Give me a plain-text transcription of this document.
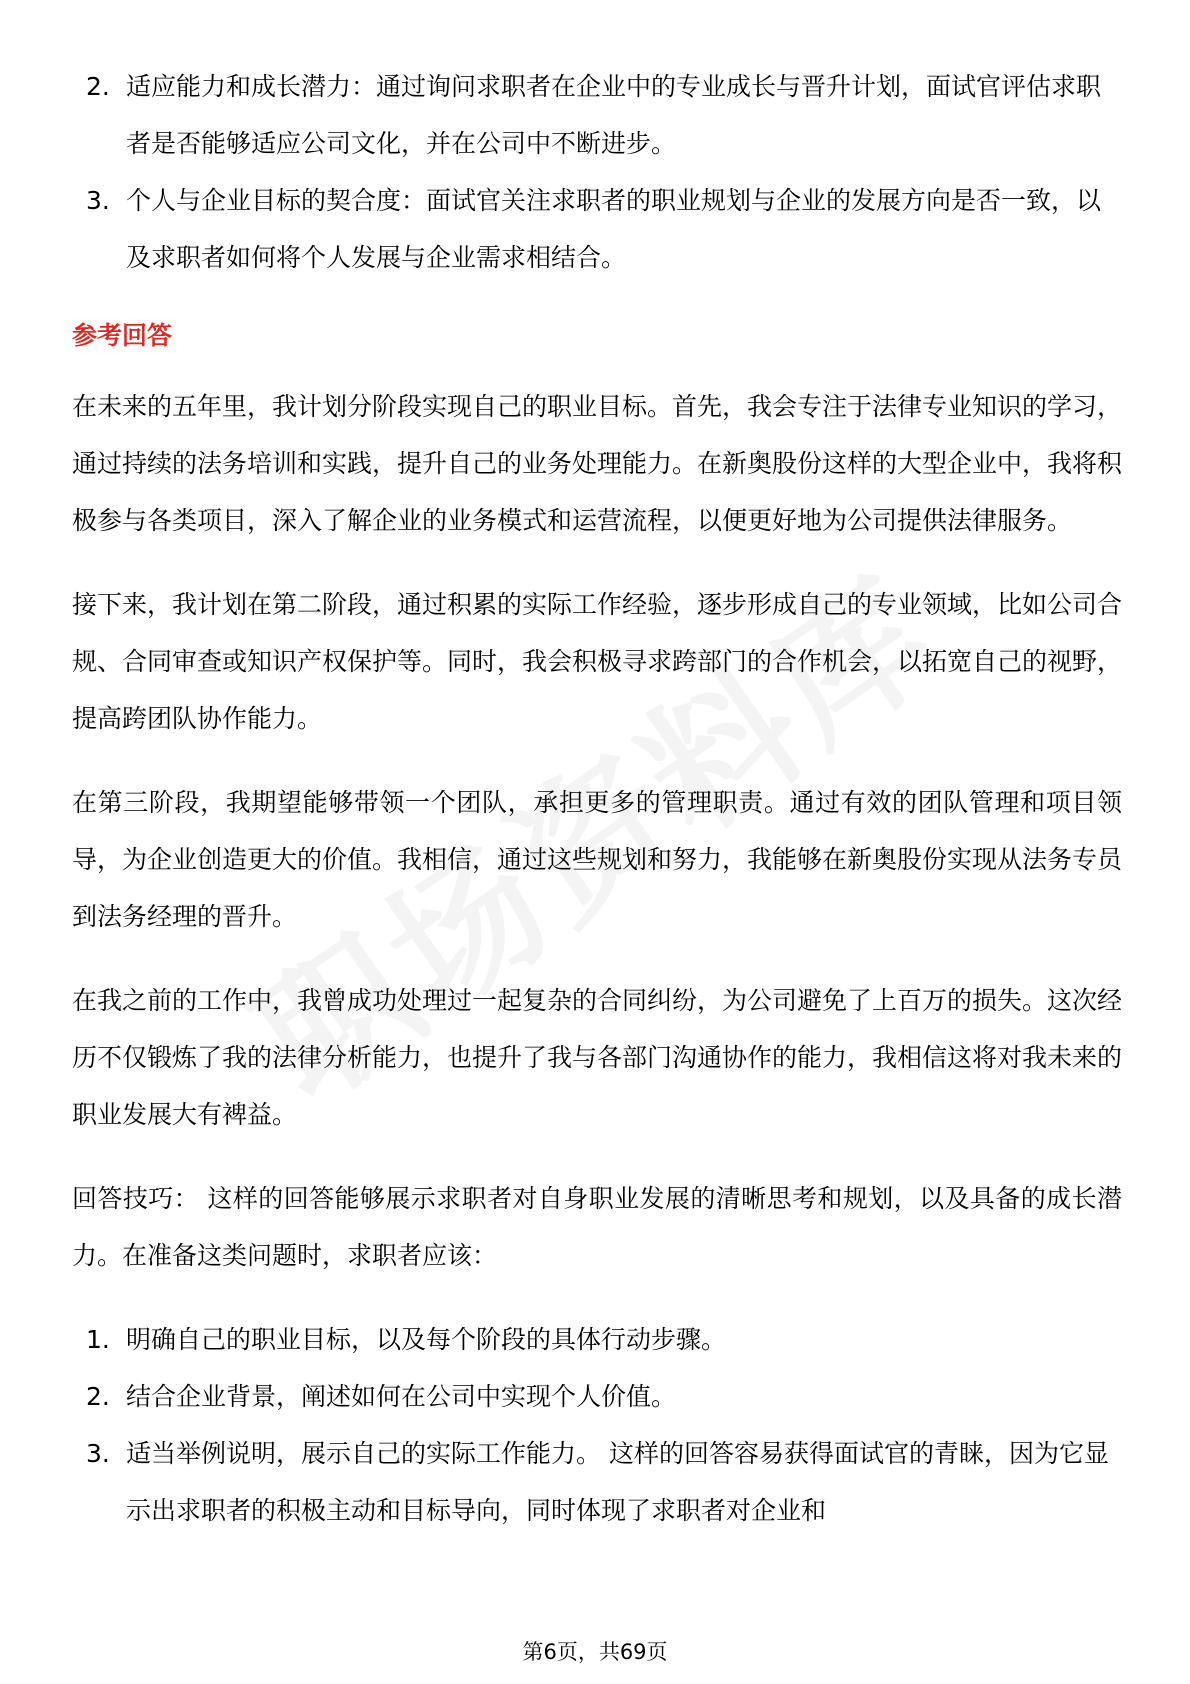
2. 适应能力和成长潜力：通过询问求职者在企业中的专业成长与晋升计划，面试官评估求职者是否能够适应公司文化，并在公司中不断进步。
3. 个人与企业目标的契合度：面试官关注求职者的职业规划与企业的发展方向是否一致，以及求职者如何将个人发展与企业需求相结合。
参考回答

在未来的五年里，我计划分阶段实现自己的职业目标。首先，我会专注于法律专业知识的学习，通过持续的法务培训和实践，提升自己的业务处理能力。在新奥股份这样的大型企业中，我将积极参与各类项目，深入了解企业的业务模式和运营流程，以便更好地为公司提供法律服务。

接下来，我计划在第二阶段，通过积累的实际工作经验，逐步形成自己的专业领域，比如公司合规、合同审查或知识产权保护等。同时，我会积极寻求跨部门的合作机会，以拓宽自己的视野，提高跨团队协作能力。

在第三阶段，我期望能够带领一个团队，承担更多的管理职责。通过有效的团队管理和项目领导，为企业创造更大的价值。我相信，通过这些规划和努力，我能够在新奥股份实现从法务专员到法务经理的晋升。

在我之前的工作中，我曾成功处理过一起复杂的合同纠纷，为公司避免了上百万的损失。这次经历不仅锻炼了我的法律分析能力，也提升了我与各部门沟通协作的能力，我相信这将对我未来的职业发展大有裨益。

回答技巧： 这样的回答能够展示求职者对自身职业发展的清晰思考和规划，以及具备的成长潜力。在准备这类问题时，求职者应该：

1. 明确自己的职业目标，以及每个阶段的具体行动步骤。
2. 结合企业背景，阐述如何在公司中实现个人价值。
3. 适当举例说明，展示自己的实际工作能力。 这样的回答容易获得面试官的青睐，因为它显示出求职者的积极主动和目标导向，同时体现了求职者对企业和
第6页，共69页
